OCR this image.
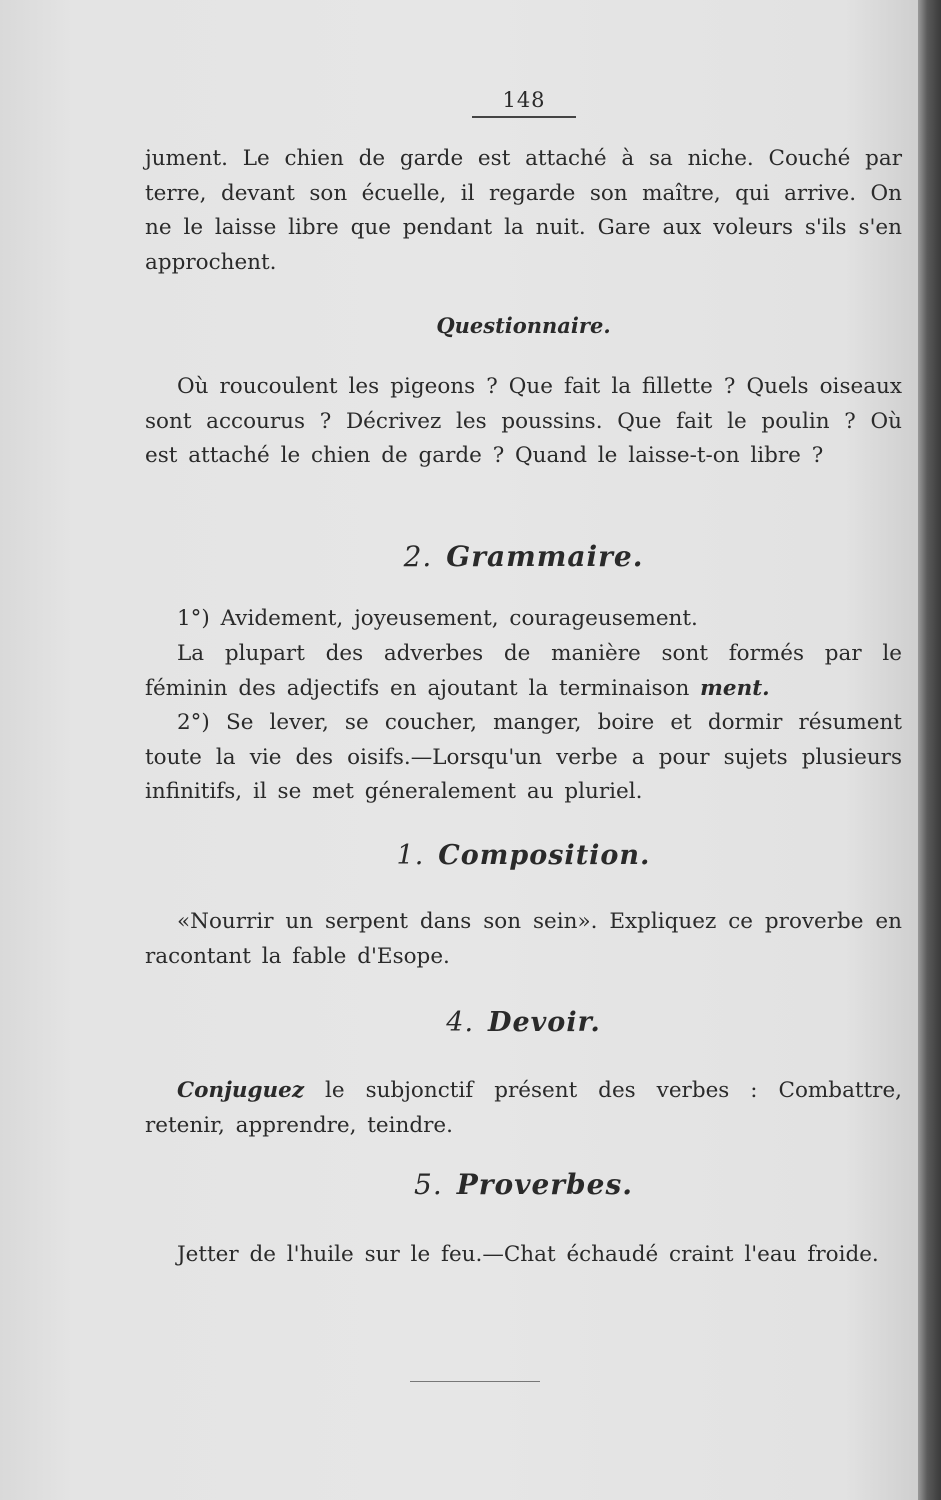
148

jument. Le chien de garde est attaché à sa niche. Couché par terre, devant son écuelle, il regarde son maître, qui arrive. On ne le laisse libre que pendant la nuit. Gare aux voleurs s'ils s'en approchent.

Questionnaire.

Où roucoulent les pigeons ? Que fait la fillette ? Quels oiseaux sont accourus ? Décrivez les poussins. Que fait le poulin ? Où est attaché le chien de garde ? Quand le laisse-t-on libre ?

2. Grammaire.

1°) Avidement, joyeusement, courageusement.

La plupart des adverbes de manière sont formés par le féminin des adjectifs en ajoutant la terminaison ment.

2°) Se lever, se coucher, manger, boire et dormir résument toute la vie des oisifs.—Lorsqu'un verbe a pour sujets plusieurs infinitifs, il se met géneralement au pluriel.

1. Composition.

«Nourrir un serpent dans son sein». Expliquez ce proverbe en racontant la fable d'Esope.

4. Devoir.

Conjuguez le subjonctif présent des verbes : Combattre, retenir, apprendre, teindre.

5. Proverbes.

Jetter de l'huile sur le feu.—Chat échaudé craint l'eau froide.
